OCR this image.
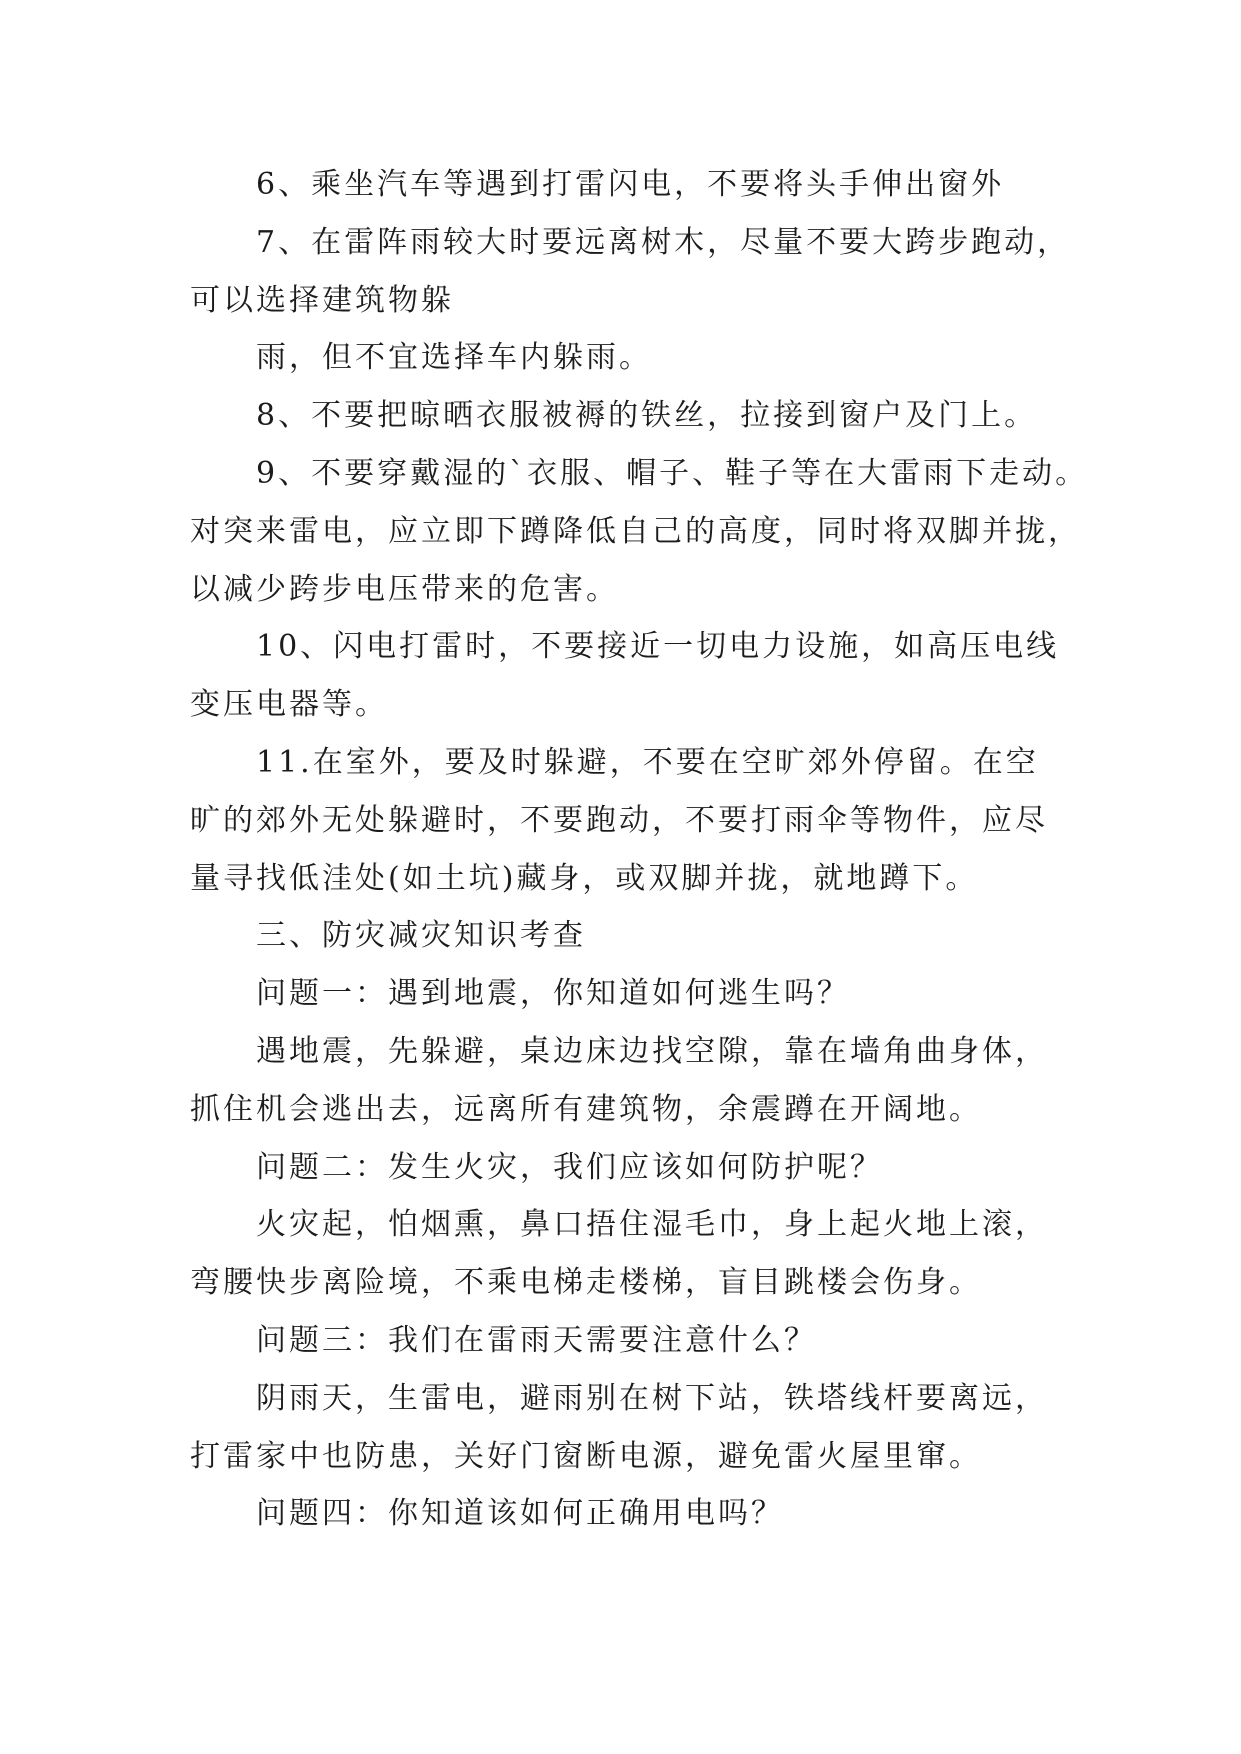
6、乘坐汽车等遇到打雷闪电，不要将头手伸出窗外
7、在雷阵雨较大时要远离树木，尽量不要大跨步跑动，
可以选择建筑物躲
雨，但不宜选择车内躲雨。
8、不要把晾晒衣服被褥的铁丝，拉接到窗户及门上。
9、不要穿戴湿的`衣服、帽子、鞋子等在大雷雨下走动。
对突来雷电，应立即下蹲降低自己的高度，同时将双脚并拢，
以减少跨步电压带来的危害。
10、闪电打雷时，不要接近一切电力设施，如高压电线
变压电器等。
11.在室外，要及时躲避，不要在空旷郊外停留。在空
旷的郊外无处躲避时，不要跑动，不要打雨伞等物件，应尽
量寻找低洼处(如土坑)藏身，或双脚并拢，就地蹲下。
三、防灾减灾知识考查
问题一：遇到地震，你知道如何逃生吗？
遇地震，先躲避，桌边床边找空隙，靠在墙角曲身体，
抓住机会逃出去，远离所有建筑物，余震蹲在开阔地。
问题二：发生火灾，我们应该如何防护呢？
火灾起，怕烟熏，鼻口捂住湿毛巾，身上起火地上滚，
弯腰快步离险境，不乘电梯走楼梯，盲目跳楼会伤身。
问题三：我们在雷雨天需要注意什么？
阴雨天，生雷电，避雨别在树下站，铁塔线杆要离远，
打雷家中也防患，关好门窗断电源，避免雷火屋里窜。
问题四：你知道该如何正确用电吗？
